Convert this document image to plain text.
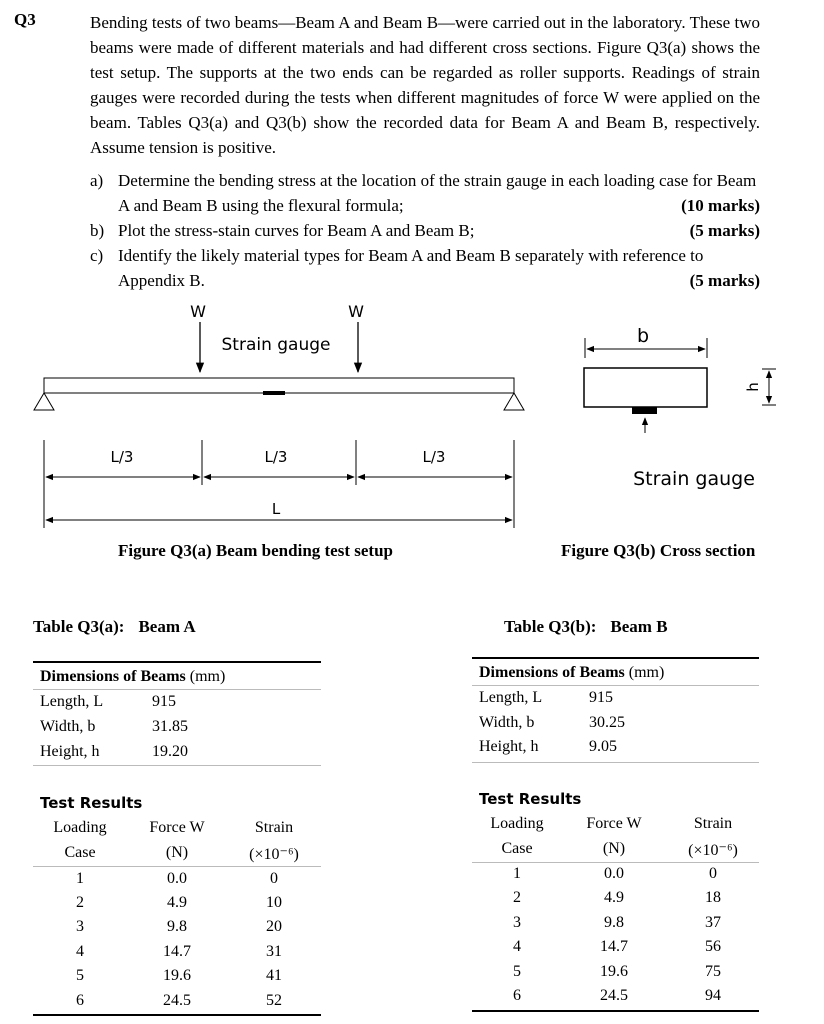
Q3	Bending tests of two beams—Beam A and Beam B—were carried out in the laboratory. These two beams were made of different materials and had different cross sections. Figure Q3(a) shows the test setup. The supports at the two ends can be regarded as roller supports. Readings of strain gauges were recorded during the tests when different magnitudes of force W were applied on the beam. Tables Q3(a) and Q3(b) show the recorded data for Beam A and Beam B, respectively. Assume tension is positive.
a) Determine the bending stress at the location of the strain gauge in each loading case for Beam A and Beam B using the flexural formula;	(10 marks)
b) Plot the stress-stain curves for Beam A and Beam B;	(5 marks)
c) Identify the likely material types for Beam A and Beam B separately with reference to Appendix B.	(5 marks)
W	W
Strain gauge
L/3	L/3	L/3
L
Figure Q3(a) Beam bending test setup
b
h
Strain gauge
Figure Q3(b) Cross section
Table Q3(a): Beam A
Dimensions of Beams (mm)
Length, L	915
Width, b	31.85
Height, h	19.20
Test Results
Loading
Case
Force W
(N)
Strain
(×10⁻⁶)
1	0.0	0
2	4.9	10
3	9.8	20
4	14.7	31
5	19.6	41
6	24.5	52
Table Q3(b): Beam B
Dimensions of Beams (mm)
Length, L	915
Width, b	30.25
Height, h	9.05
Test Results
Loading
Case
Force W
(N)
Strain
(×10⁻⁶)
1	0.0	0
2	4.9	18
3	9.8	37
4	14.7	56
5	19.6	75
6	24.5	94
